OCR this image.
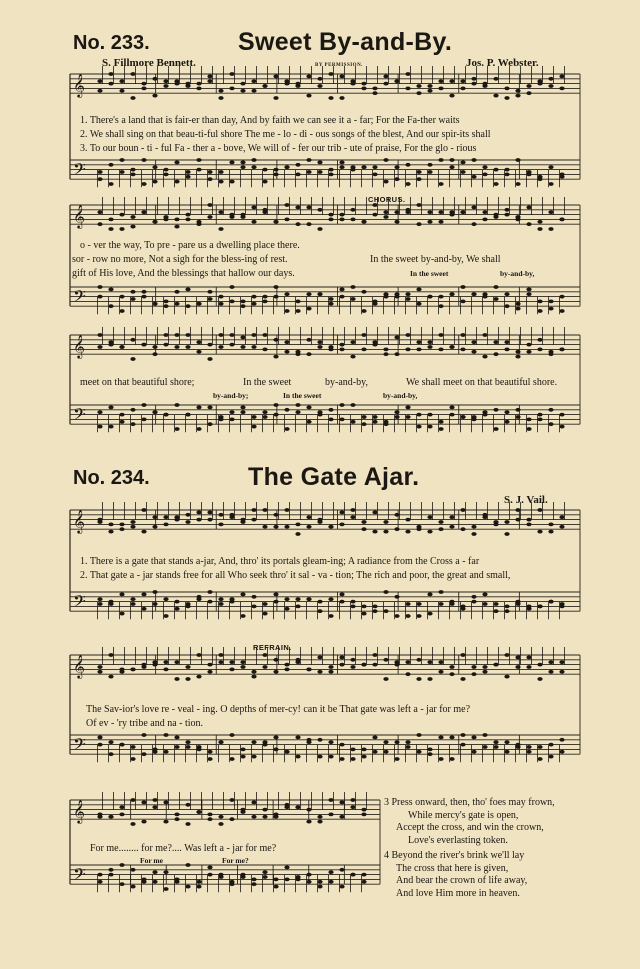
𝄞
𝄢
𝄞
𝄢
𝄞
𝄢
𝄞
𝄢
𝄞
𝄢
𝄞
𝄢
No. 233.	Sweet By-and-By.
S. Fillmore Bennett.	BY PERMISSION.	Jos. P. Webster.
1. There's a land that is fair-er than day, And by faith we can see it a - far; For the Fa-ther waits
2. We shall sing on that beau-ti-ful shore The me - lo - di - ous songs of the blest, And our spir-its shall
3. To our boun - ti - ful Fa - ther a - bove, We will of - fer our trib - ute of praise, For the glo - rious
CHORUS.
o - ver the way, To pre - pare us a dwelling place there.
sor - row no more, Not a sigh for the bless-ing of rest.
gift of His love, And the blessings that hallow our days.
In the sweet by-and-by, We shall
In the sweet	by-and-by,
meet on that beautiful shore;	In the sweet	by-and-by,	We shall meet on that beautiful shore.
by-and-by;	In the sweet	by-and-by,
No. 234.	The Gate Ajar.
S. J. Vail.
1. There is a gate that stands a-jar, And, thro' its portals gleam-ing; A radiance from the Cross a - far
2. That gate a - jar stands free for all Who seek thro' it sal - va - tion; The rich and poor, the great and small,
REFRAIN.
The Sav-ior's love re - veal - ing. O depths of mer-cy! can it be That gate was left a - jar for me?
Of ev - 'ry tribe and na - tion.
For me........ for me?.... Was left a - jar for me?
For me	For me?
3 Press onward, then, tho' foes may frown,
While mercy's gate is open,
Accept the cross, and win the crown,
Love's everlasting token.
4 Beyond the river's brink we'll lay
The cross that here is given,
And bear the crown of life away,
And love Him more in heaven.
